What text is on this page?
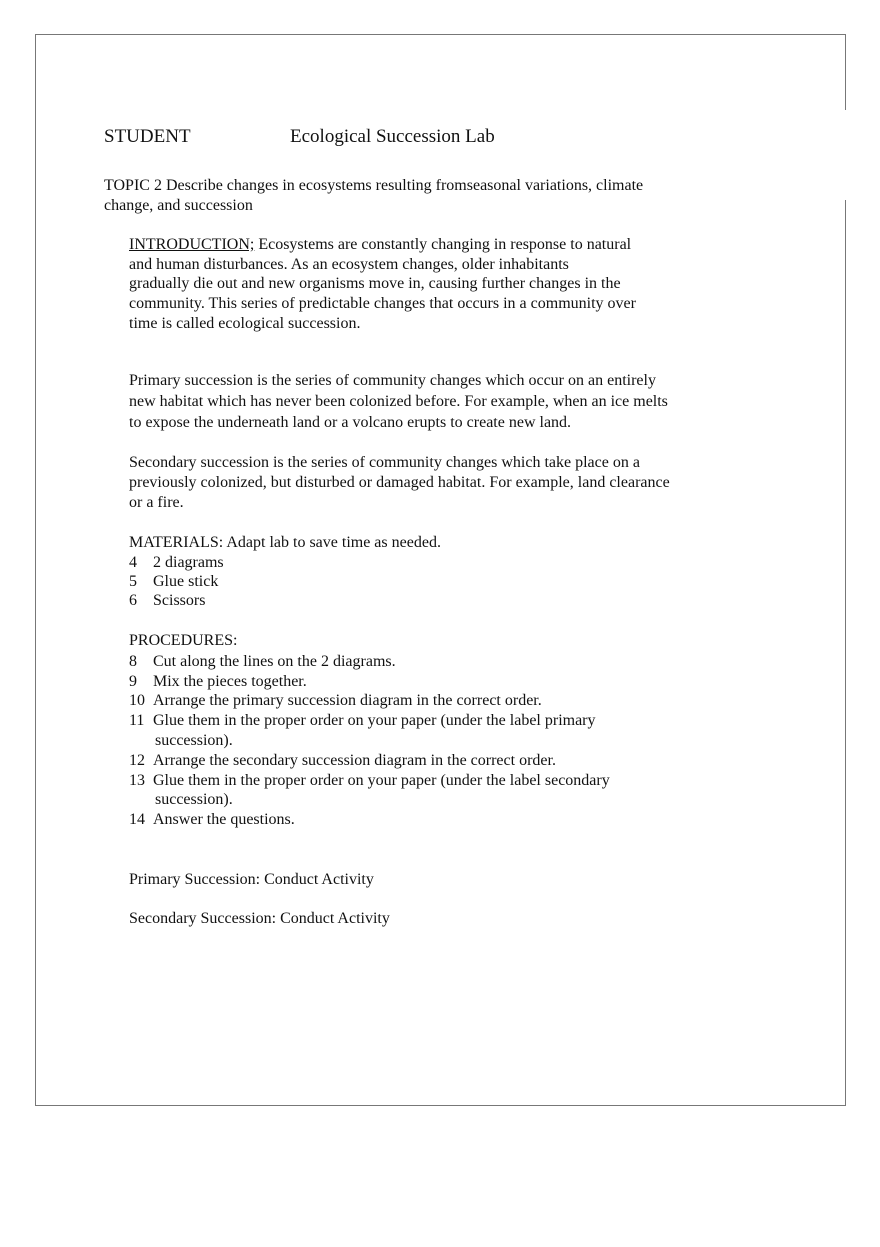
STUDENT	Ecological Succession Lab
TOPIC 2 Describe changes in ecosystems resulting fromseasonal variations, climate
change, and succession
INTRODUCTION; Ecosystems are constantly changing in response to natural
and human disturbances. As an ecosystem changes, older inhabitants
gradually die out and new organisms move in, causing further changes in the
community. This series of predictable changes that occurs in a community over
time is called ecological succession.
Primary succession is the series of community changes which occur on an entirely
new habitat which has never been colonized before. For example, when an ice melts
to expose the underneath land or a volcano erupts to create new land.
Secondary succession is the series of community changes which take place on a
previously colonized, but disturbed or damaged habitat. For example, land clearance
or a fire.
MATERIALS: Adapt lab to save time as needed.
4 2 diagrams
5 Glue stick
6 Scissors
PROCEDURES:
8 Cut along the lines on the 2 diagrams.
9 Mix the pieces together.
10 Arrange the primary succession diagram in the correct order.
11 Glue them in the proper order on your paper (under the label primary
succession).
12 Arrange the secondary succession diagram in the correct order.
13 Glue them in the proper order on your paper (under the label secondary
succession).
14 Answer the questions.
Primary Succession: Conduct Activity
Secondary Succession: Conduct Activity
